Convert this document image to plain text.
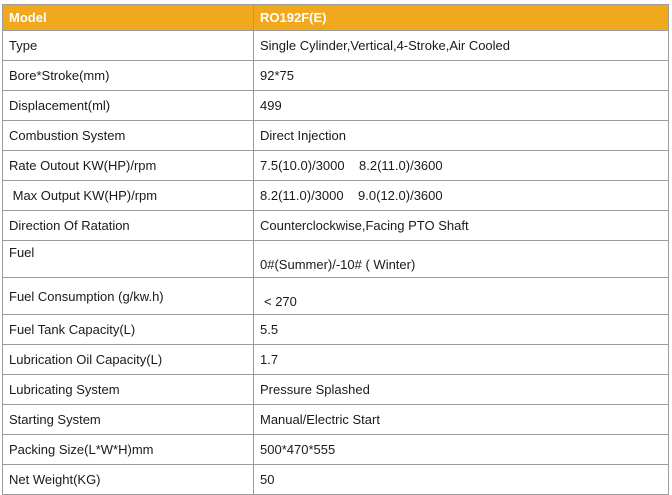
Model	RO192F(E)
Type	Single Cylinder,Vertical,4-Stroke,Air Cooled
Bore*Stroke(mm)	92*75
Displacement(ml)	499
Combustion System	Direct Injection
Rate Outout KW(HP)/rpm	7.5(10.0)/3000    8.2(11.0)/3600
Max Output KW(HP)/rpm	8.2(11.0)/3000    9.0(12.0)/3600
Direction Of Ratation	Counterclockwise,Facing PTO Shaft
Fuel	0#(Summer)/-10# ( Winter)
Fuel Consumption (g/kw.h)	< 270
Fuel Tank Capacity(L)	5.5
Lubrication Oil Capacity(L)	1.7
Lubricating System	Pressure Splashed
Starting System	Manual/Electric Start
Packing Size(L*W*H)mm	500*470*555
Net Weight(KG)	50
